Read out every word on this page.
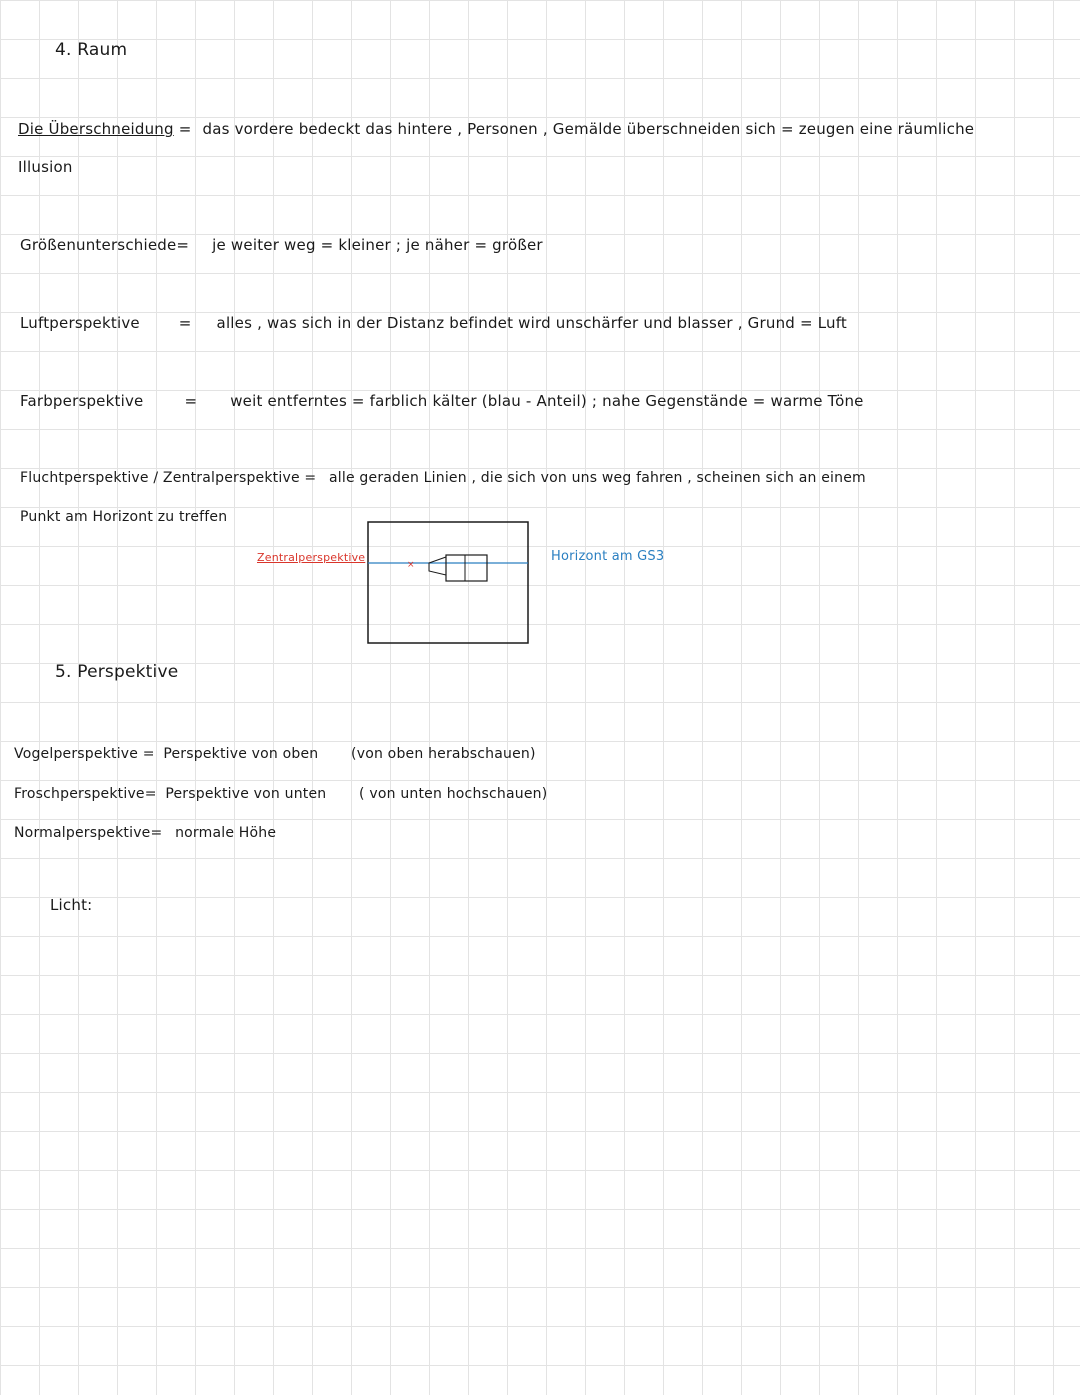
4. Raum
Die Überschneidung = das vordere bedeckt das hintere , Personen , Gemälde überschneiden sich = zeugen eine räumliche
Illusion
Größenunterschiede= je weiter weg = kleiner ; je näher = größer
Luftperspektive	= alles , was sich in der Distanz befindet wird unschärfer und blasser , Grund = Luft
Farbperspektive	= weit entferntes = farblich kälter (blau - Anteil) ; nahe Gegenstände = warme Töne
Fluchtperspektive / Zentralperspektive = alle geraden Linien , die sich von uns weg fahren , scheinen sich an einem
Punkt am Horizont zu treffen
Zentralperspektive	Horizont am GS3
×
5. Perspektive
Vogelperspektive = Perspektive von oben (von oben herabschauen)
Froschperspektive= Perspektive von unten ( von unten hochschauen)
Normalperspektive= normale Höhe
Licht:
